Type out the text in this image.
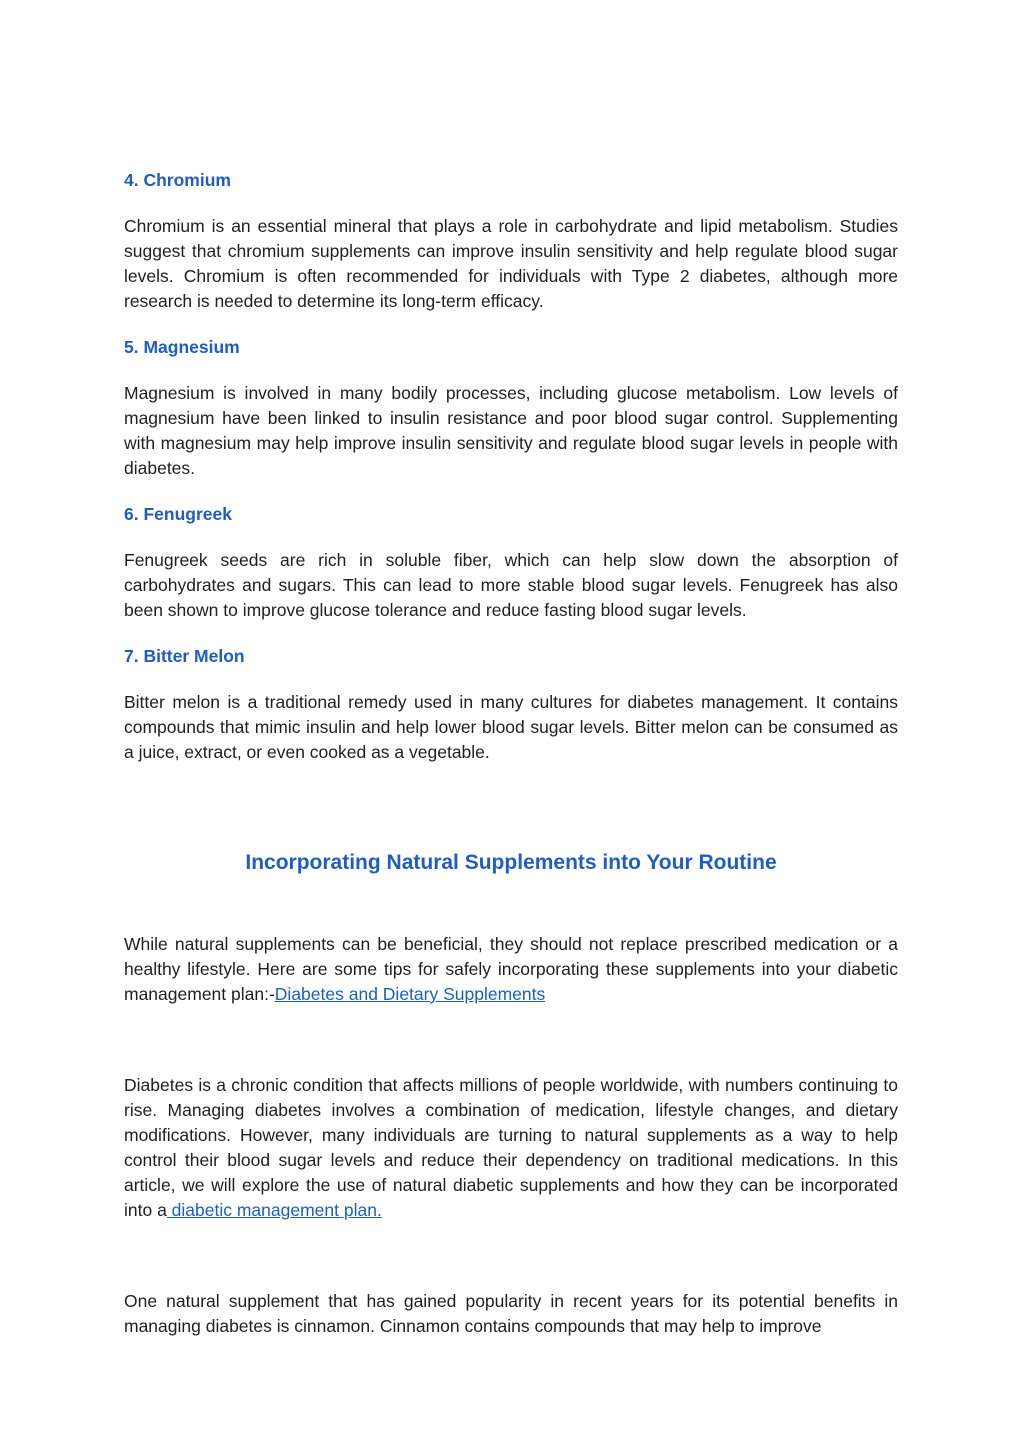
4. Chromium

Chromium is an essential mineral that plays a role in carbohydrate and lipid metabolism. Studies suggest that chromium supplements can improve insulin sensitivity and help regulate blood sugar levels. Chromium is often recommended for individuals with Type 2 diabetes, although more research is needed to determine its long-term efficacy.

5. Magnesium

Magnesium is involved in many bodily processes, including glucose metabolism. Low levels of magnesium have been linked to insulin resistance and poor blood sugar control. Supplementing with magnesium may help improve insulin sensitivity and regulate blood sugar levels in people with diabetes.

6. Fenugreek

Fenugreek seeds are rich in soluble fiber, which can help slow down the absorption of carbohydrates and sugars. This can lead to more stable blood sugar levels. Fenugreek has also been shown to improve glucose tolerance and reduce fasting blood sugar levels.

7. Bitter Melon

Bitter melon is a traditional remedy used in many cultures for diabetes management. It contains compounds that mimic insulin and help lower blood sugar levels. Bitter melon can be consumed as a juice, extract, or even cooked as a vegetable.

Incorporating Natural Supplements into Your Routine

While natural supplements can be beneficial, they should not replace prescribed medication or a healthy lifestyle. Here are some tips for safely incorporating these supplements into your diabetic management plan:-Diabetes and Dietary Supplements

Diabetes is a chronic condition that affects millions of people worldwide, with numbers continuing to rise. Managing diabetes involves a combination of medication, lifestyle changes, and dietary modifications. However, many individuals are turning to natural supplements as a way to help control their blood sugar levels and reduce their dependency on traditional medications. In this article, we will explore the use of natural diabetic supplements and how they can be incorporated into a diabetic management plan.

One natural supplement that has gained popularity in recent years for its potential benefits in managing diabetes is cinnamon. Cinnamon contains compounds that may help to improve
